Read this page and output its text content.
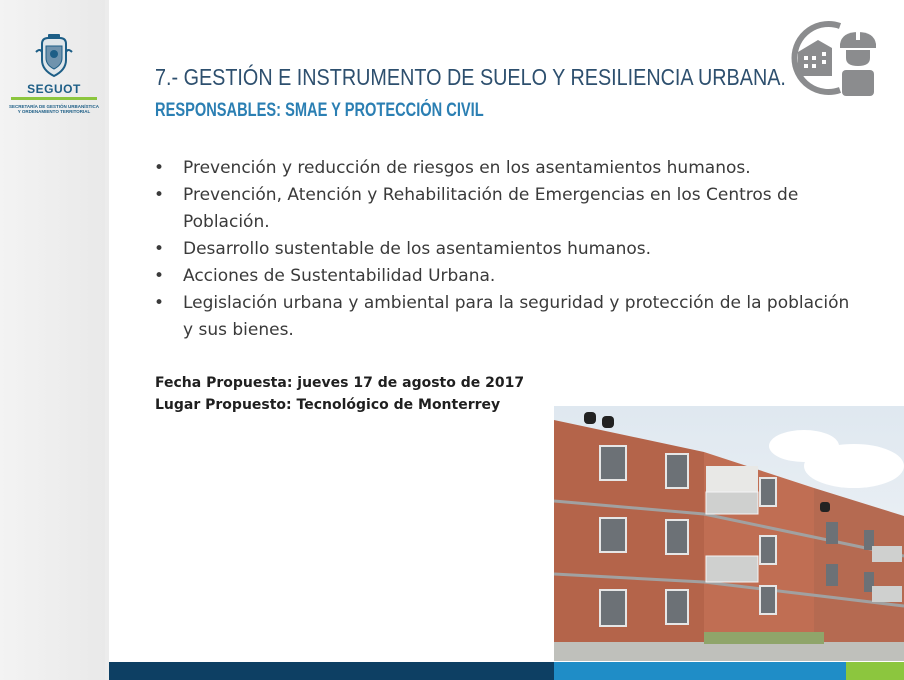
SEGUOT
SECRETARÍA DE GESTIÓN URBANÍSTICA
Y ORDENAMIENTO TERRITORIAL
7.- GESTIÓN E INSTRUMENTO DE SUELO Y RESILIENCIA URBANA.
RESPONSABLES: SMAE Y PROTECCIÓN CIVIL
• Prevención y reducción de riesgos en los asentamientos humanos.
• Prevención, Atención y Rehabilitación de Emergencias en los Centros de Población.
• Desarrollo sustentable de los asentamientos humanos.
• Acciones de Sustentabilidad Urbana.
• Legislación urbana y ambiental para la seguridad y protección de la población y sus bienes.
Fecha Propuesta: jueves 17 de agosto de 2017
Lugar Propuesto: Tecnológico de Monterrey
